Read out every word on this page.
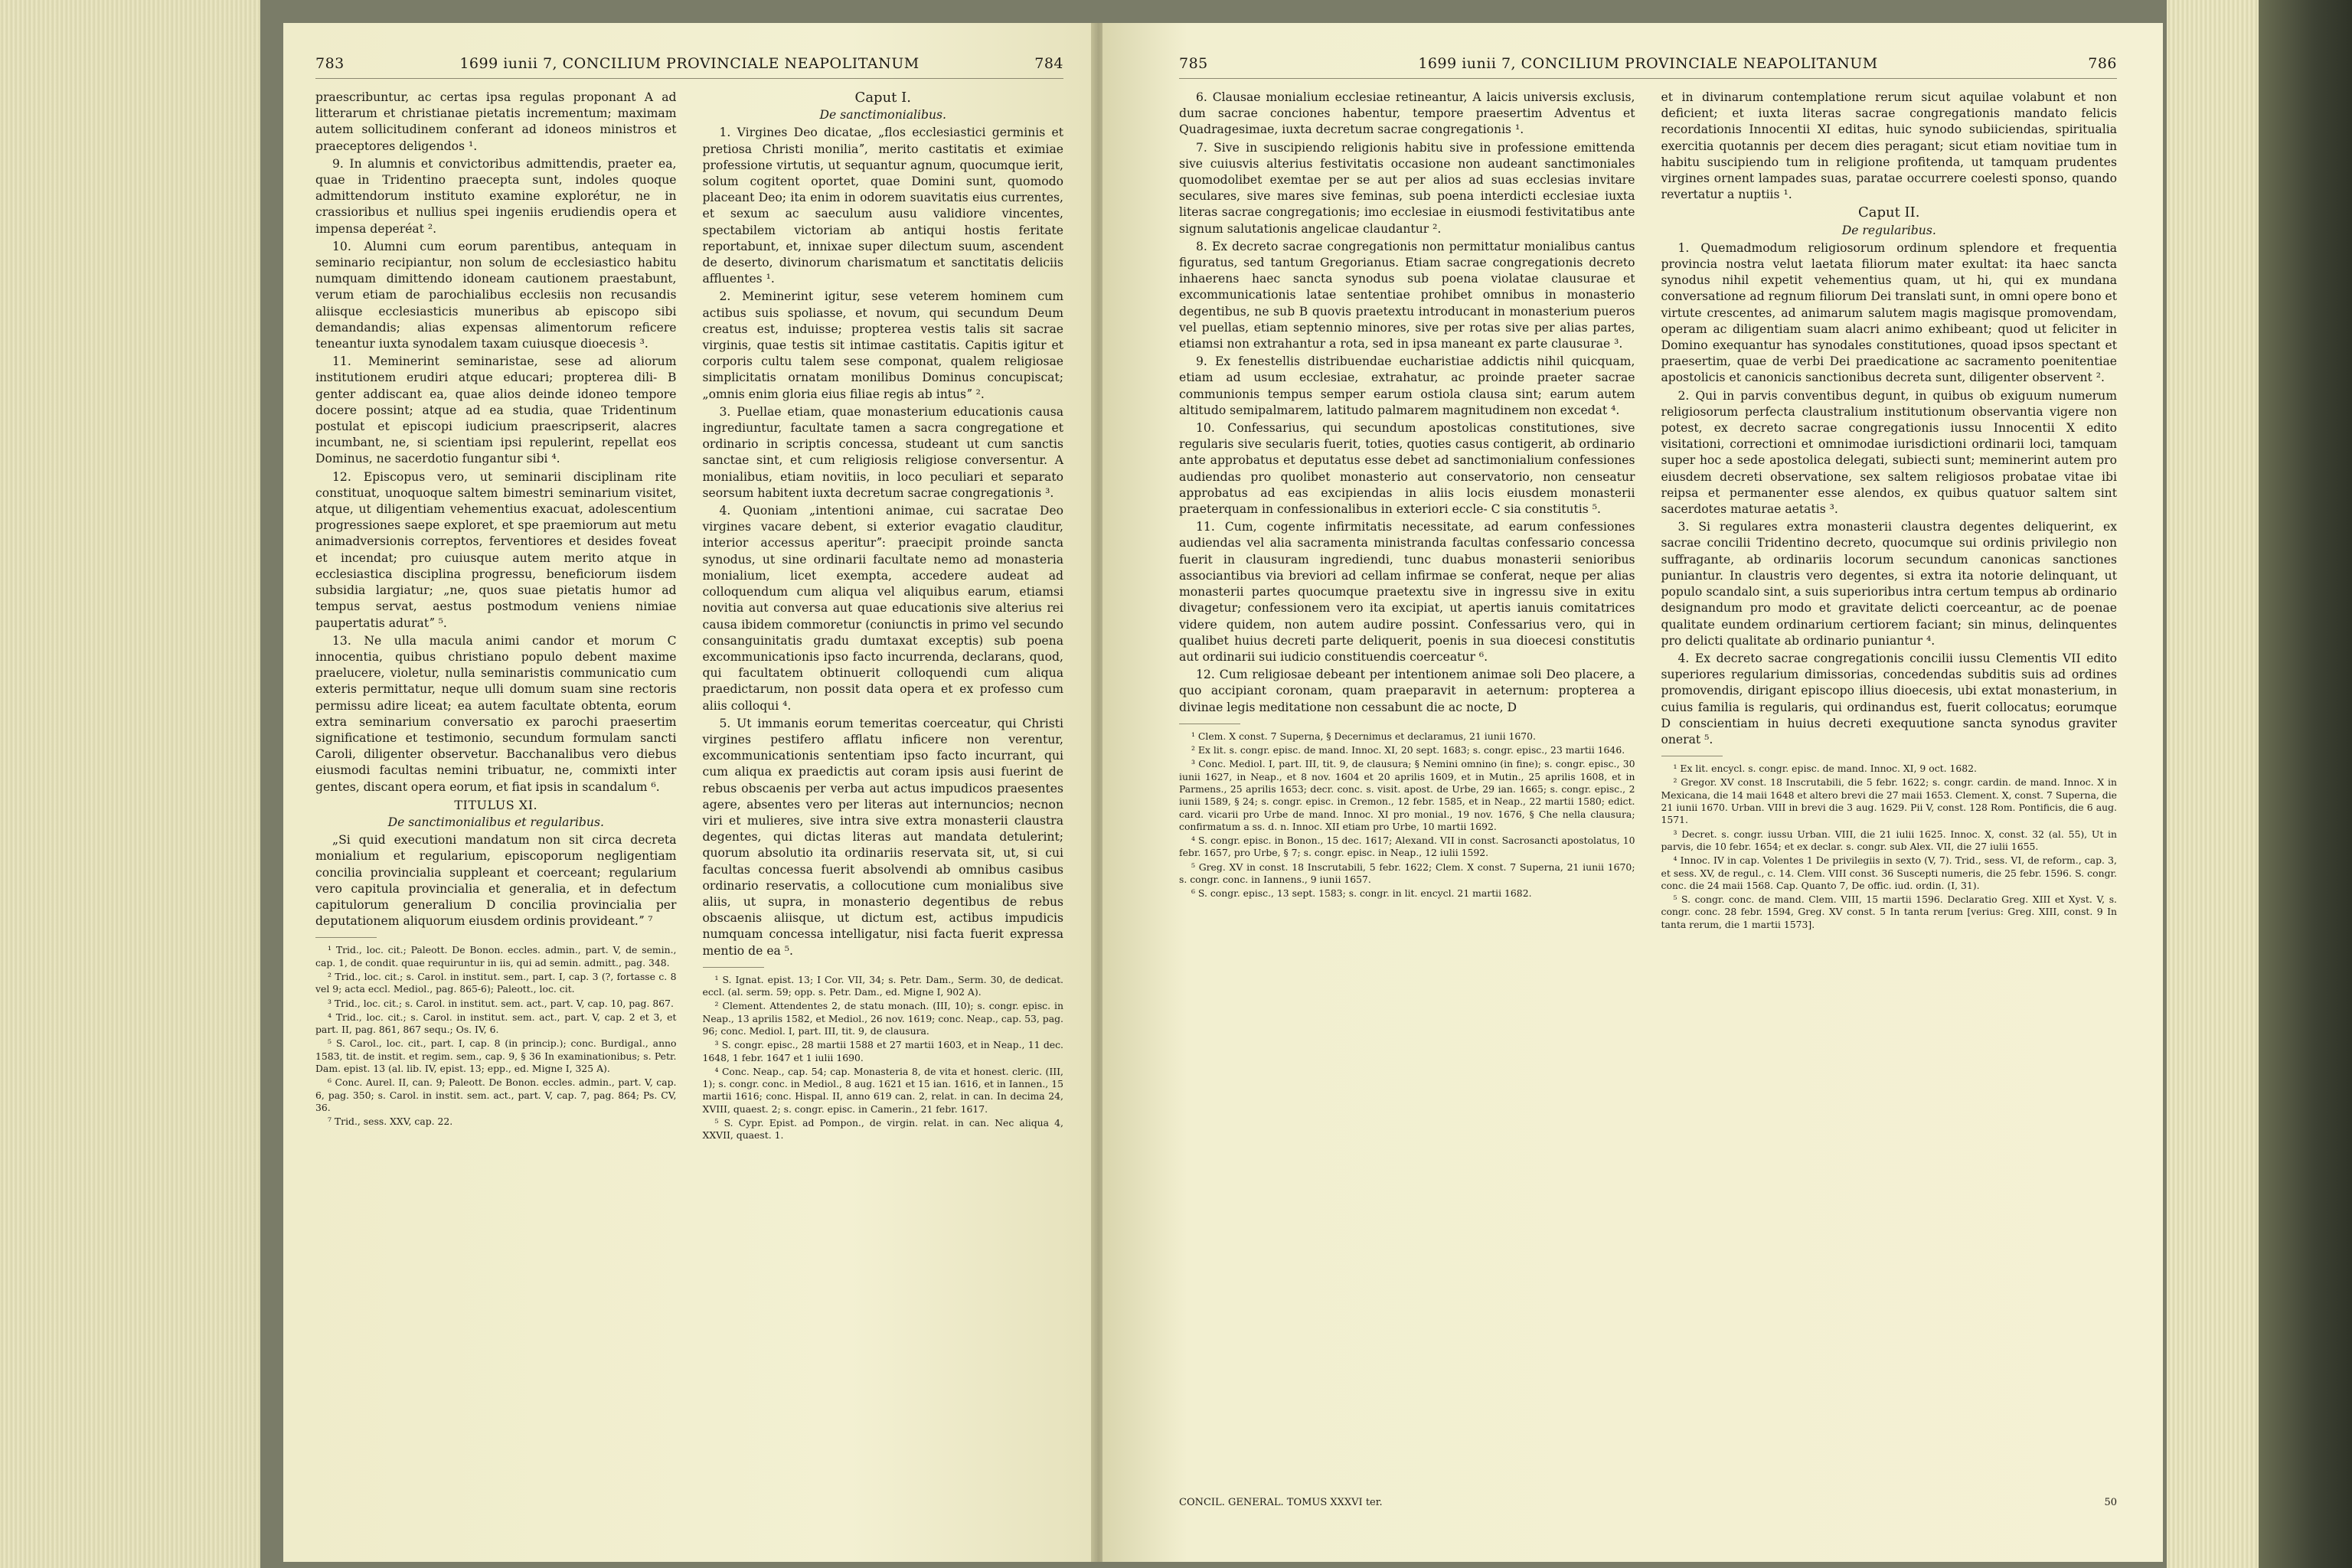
783	1699 iunii 7, CONCILIUM PROVINCIALE NEAPOLITANUM	784

praescribuntur, ac certas ipsa regulas proponant A ad litterarum et christianae pietatis incrementum; maximam autem sollicitudinem conferant ad idoneos ministros et praeceptores deligendos ¹.

9. In alumnis et convictoribus admittendis, praeter ea, quae in Tridentino praecepta sunt, indoles quoque admittendorum instituto examine explorétur, ne in crassioribus et nullius spei ingeniis erudiendis opera et impensa deperéat ².

10. Alumni cum eorum parentibus, antequam in seminario recipiantur, non solum de ecclesiastico habitu numquam dimittendo idoneam cautionem praestabunt, verum etiam de parochialibus ecclesiis non recusandis aliisque ecclesiasticis muneribus ab episcopo sibi demandandis; alias expensas alimentorum reficere teneantur iuxta synodalem taxam cuiusque dioecesis ³.

11. Meminerint seminaristae, sese ad aliorum institutionem erudiri atque educari; propterea dili- B genter addiscant ea, quae alios deinde idoneo tempore docere possint; atque ad ea studia, quae Tridentinum postulat et episcopi iudicium praescripserit, alacres incumbant, ne, si scientiam ipsi repulerint, repellat eos Dominus, ne sacerdotio fungantur sibi ⁴.

12. Episcopus vero, ut seminarii disciplinam rite constituat, unoquoque saltem bimestri seminarium visitet, atque, ut diligentiam vehementius exacuat, adolescentium progressiones saepe exploret, et spe praemiorum aut metu animadversionis correptos, ferventiores et desides foveat et incendat; pro cuiusque autem merito atque in ecclesiastica disciplina progressu, beneficiorum iisdem subsidia largiatur; „ne, quos suae pietatis humor ad tempus servat, aestus postmodum veniens nimiae paupertatis aduratˮ ⁵.

13. Ne ulla macula animi candor et morum C innocentia, quibus christiano populo debent maxime praelucere, violetur, nulla seminaristis communicatio cum exteris permittatur, neque ulli domum suam sine rectoris permissu adire liceat; ea autem facultate obtenta, eorum extra seminarium conversatio ex parochi praesertim significatione et testimonio, secundum formulam sancti Caroli, diligenter observetur. Bacchanalibus vero diebus eiusmodi facultas nemini tribuatur, ne, commixti inter gentes, discant opera eorum, et fiat ipsis in scandalum ⁶.

TITULUS XI.

De sanctimonialibus et regularibus.

„Si quid executioni mandatum non sit circa decreta monialium et regularium, episcoporum negligentiam concilia provincialia suppleant et coerceant; regularium vero capitula provincialia et generalia, et in defectum capitulorum generalium D concilia provincialia per deputationem aliquorum eiusdem ordinis provideant.ˮ ⁷

¹ Trid., loc. cit.; Paleott. De Bonon. eccles. admin., part. V, de semin., cap. 1, de condit. quae requiruntur in iis, qui ad semin. admitt., pag. 348.

² Trid., loc. cit.; s. Carol. in institut. sem., part. I, cap. 3 (?, fortasse c. 8 vel 9; acta eccl. Mediol., pag. 865-6); Paleott., loc. cit.

³ Trid., loc. cit.; s. Carol. in institut. sem. act., part. V, cap. 10, pag. 867.

⁴ Trid., loc. cit.; s. Carol. in institut. sem. act., part. V, cap. 2 et 3, et part. II, pag. 861, 867 sequ.; Os. IV, 6.

⁵ S. Carol., loc. cit., part. I, cap. 8 (in princip.); conc. Burdigal., anno 1583, tit. de instit. et regim. sem., cap. 9, § 36 In examinationibus; s. Petr. Dam. epist. 13 (al. lib. IV, epist. 13; epp., ed. Migne I, 325 A).

⁶ Conc. Aurel. II, can. 9; Paleott. De Bonon. eccles. admin., part. V, cap. 6, pag. 350; s. Carol. in instit. sem. act., part. V, cap. 7, pag. 864; Ps. CV, 36.

⁷ Trid., sess. XXV, cap. 22.

Caput I.

De sanctimonialibus.

1. Virgines Deo dicatae, „flos ecclesiastici germinis et pretiosa Christi moniliaˮ, merito castitatis et eximiae professione virtutis, ut sequantur agnum, quocumque ierit, solum cogitent oportet, quae Domini sunt, quomodo placeant Deo; ita enim in odorem suavitatis eius currentes, et sexum ac saeculum ausu validiore vincentes, spectabilem victoriam ab antiqui hostis feritate reportabunt, et, innixae super dilectum suum, ascendent de deserto, divinorum charismatum et sanctitatis deliciis affluentes ¹.

2. Meminerint igitur, sese veterem hominem cum actibus suis spoliasse, et novum, qui secundum Deum creatus est, induisse; propterea vestis talis sit sacrae virginis, quae testis sit intimae castitatis. Capitis igitur et corporis cultu talem sese componat, qualem religiosae simplicitatis ornatam monilibus Dominus concupiscat; „omnis enim gloria eius filiae regis ab intusˮ ².

3. Puellae etiam, quae monasterium educationis causa ingrediuntur, facultate tamen a sacra congregatione et ordinario in scriptis concessa, studeant ut cum sanctis sanctae sint, et cum religiosis religiose conversentur. A monialibus, etiam novitiis, in loco peculiari et separato seorsum habitent iuxta decretum sacrae congregationis ³.

4. Quoniam „intentioni animae, cui sacratae Deo virgines vacare debent, si exterior evagatio clauditur, interior accessus aperiturˮ: praecipit proinde sancta synodus, ut sine ordinarii facultate nemo ad monasteria monialium, licet exempta, accedere audeat ad colloquendum cum aliqua vel aliquibus earum, etiamsi novitia aut conversa aut quae educationis sive alterius rei causa ibidem commoretur (coniunctis in primo vel secundo consanguinitatis gradu dumtaxat exceptis) sub poena excommunicationis ipso facto incurrenda, declarans, quod, qui facultatem obtinuerit colloquendi cum aliqua praedictarum, non possit data opera et ex professo cum aliis colloqui ⁴.

5. Ut immanis eorum temeritas coerceatur, qui Christi virgines pestifero afflatu inficere non verentur, excommunicationis sententiam ipso facto incurrant, qui cum aliqua ex praedictis aut coram ipsis ausi fuerint de rebus obscaenis per verba aut actus impudicos praesentes agere, absentes vero per literas aut internuncios; necnon viri et mulieres, sive intra sive extra monasterii claustra degentes, qui dictas literas aut mandata detulerint; quorum absolutio ita ordinariis reservata sit, ut, si cui facultas concessa fuerit absolvendi ab omnibus casibus ordinario reservatis, a collocutione cum monialibus sive aliis, ut supra, in monasterio degentibus de rebus obscaenis aliisque, ut dictum est, actibus impudicis numquam concessa intelligatur, nisi facta fuerit expressa mentio de ea ⁵.

¹ S. Ignat. epist. 13; I Cor. VII, 34; s. Petr. Dam., Serm. 30, de dedicat. eccl. (al. serm. 59; opp. s. Petr. Dam., ed. Migne I, 902 A).

² Clement. Attendentes 2, de statu monach. (III, 10); s. congr. episc. in Neap., 13 aprilis 1582, et Mediol., 26 nov. 1619; conc. Neap., cap. 53, pag. 96; conc. Mediol. I, part. III, tit. 9, de clausura.

³ S. congr. episc., 28 martii 1588 et 27 martii 1603, et in Neap., 11 dec. 1648, 1 febr. 1647 et 1 iulii 1690.

⁴ Conc. Neap., cap. 54; cap. Monasteria 8, de vita et honest. cleric. (III, 1); s. congr. conc. in Mediol., 8 aug. 1621 et 15 ian. 1616, et in Iannen., 15 martii 1616; conc. Hispal. II, anno 619 can. 2, relat. in can. In decima 24, XVIII, quaest. 2; s. congr. episc. in Camerin., 21 febr. 1617.

⁵ S. Cypr. Epist. ad Pompon., de virgin. relat. in can. Nec aliqua 4, XXVII, quaest. 1.

785	1699 iunii 7, CONCILIUM PROVINCIALE NEAPOLITANUM	786

6. Clausae monialium ecclesiae retineantur, A laicis universis exclusis, dum sacrae conciones habentur, tempore praesertim Adventus et Quadragesimae, iuxta decretum sacrae congregationis ¹.

7. Sive in suscipiendo religionis habitu sive in professione emittenda sive cuiusvis alterius festivitatis occasione non audeant sanctimoniales quomodolibet exemtae per se aut per alios ad suas ecclesias invitare seculares, sive mares sive feminas, sub poena interdicti ecclesiae iuxta literas sacrae congregationis; imo ecclesiae in eiusmodi festivitatibus ante signum salutationis angelicae claudantur ².

8. Ex decreto sacrae congregationis non permittatur monialibus cantus figuratus, sed tantum Gregorianus. Etiam sacrae congregationis decreto inhaerens haec sancta synodus sub poena violatae clausurae et excommunicationis latae sententiae prohibet omnibus in monasterio degentibus, ne sub B quovis praetextu introducant in monasterium pueros vel puellas, etiam septennio minores, sive per rotas sive per alias partes, etiamsi non extrahantur a rota, sed in ipsa maneant ex parte clausurae ³.

9. Ex fenestellis distribuendae eucharistiae addictis nihil quicquam, etiam ad usum ecclesiae, extrahatur, ac proinde praeter sacrae communionis tempus semper earum ostiola clausa sint; earum autem altitudo semipalmarem, latitudo palmarem magnitudinem non excedat ⁴.

10. Confessarius, qui secundum apostolicas constitutiones, sive regularis sive secularis fuerit, toties, quoties casus contigerit, ab ordinario ante approbatus et deputatus esse debet ad sanctimonialium confessiones audiendas pro quolibet monasterio aut conservatorio, non censeatur approbatus ad eas excipiendas in aliis locis eiusdem monasterii praeterquam in confessionalibus in exteriori eccle- C sia constitutis ⁵.

11. Cum, cogente infirmitatis necessitate, ad earum confessiones audiendas vel alia sacramenta ministranda facultas confessario concessa fuerit in clausuram ingrediendi, tunc duabus monasterii senioribus associantibus via breviori ad cellam infirmae se conferat, neque per alias monasterii partes quocumque praetextu sive in ingressu sive in exitu divagetur; confessionem vero ita excipiat, ut apertis ianuis comitatrices videre quidem, non autem audire possint. Confessarius vero, qui in qualibet huius decreti parte deliquerit, poenis in sua dioecesi constitutis aut ordinarii sui iudicio constituendis coerceatur ⁶.

12. Cum religiosae debeant per intentionem animae soli Deo placere, a quo accipiant coronam, quam praeparavit in aeternum: propterea a divinae legis meditatione non cessabunt die ac nocte, D

¹ Clem. X const. 7 Superna, § Decernimus et declaramus, 21 iunii 1670.

² Ex lit. s. congr. episc. de mand. Innoc. XI, 20 sept. 1683; s. congr. episc., 23 martii 1646.

³ Conc. Mediol. I, part. III, tit. 9, de clausura; § Nemini omnino (in fine); s. congr. episc., 30 iunii 1627, in Neap., et 8 nov. 1604 et 20 aprilis 1609, et in Mutin., 25 aprilis 1608, et in Parmens., 25 aprilis 1653; decr. conc. s. visit. apost. de Urbe, 29 ian. 1665; s. congr. episc., 2 iunii 1589, § 24; s. congr. episc. in Cremon., 12 febr. 1585, et in Neap., 22 martii 1580; edict. card. vicarii pro Urbe de mand. Innoc. XI pro monial., 19 nov. 1676, § Che nella clausura; confirmatum a ss. d. n. Innoc. XII etiam pro Urbe, 10 martii 1692.

⁴ S. congr. episc. in Bonon., 15 dec. 1617; Alexand. VII in const. Sacrosancti apostolatus, 10 febr. 1657, pro Urbe, § 7; s. congr. episc. in Neap., 12 iulii 1592.

⁵ Greg. XV in const. 18 Inscrutabili, 5 febr. 1622; Clem. X const. 7 Superna, 21 iunii 1670; s. congr. conc. in Iannens., 9 iunii 1657.

⁶ S. congr. episc., 13 sept. 1583; s. congr. in lit. encycl. 21 martii 1682.

et in divinarum contemplatione rerum sicut aquilae volabunt et non deficient; et iuxta literas sacrae congregationis mandato felicis recordationis Innocentii XI editas, huic synodo subiiciendas, spiritualia exercitia quotannis per decem dies peragant; sicut etiam novitiae tum in habitu suscipiendo tum in religione profitenda, ut tamquam prudentes virgines ornent lampades suas, paratae occurrere coelesti sponso, quando revertatur a nuptiis ¹.

Caput II.

De regularibus.

1. Quemadmodum religiosorum ordinum splendore et frequentia provincia nostra velut laetata filiorum mater exultat: ita haec sancta synodus nihil expetit vehementius quam, ut hi, qui ex mundana conversatione ad regnum filiorum Dei translati sunt, in omni opere bono et virtute crescentes, ad animarum salutem magis magisque promovendam, operam ac diligentiam suam alacri animo exhibeant; quod ut feliciter in Domino exequantur has synodales constitutiones, quoad ipsos spectant et praesertim, quae de verbi Dei praedicatione ac sacramento poenitentiae apostolicis et canonicis sanctionibus decreta sunt, diligenter observent ².

2. Qui in parvis conventibus degunt, in quibus ob exiguum numerum religiosorum perfecta claustralium institutionum observantia vigere non potest, ex decreto sacrae congregationis iussu Innocentii X edito visitationi, correctioni et omnimodae iurisdictioni ordinarii loci, tamquam super hoc a sede apostolica delegati, subiecti sunt; meminerint autem pro eiusdem decreti observatione, sex saltem religiosos probatae vitae ibi reipsa et permanenter esse alendos, ex quibus quatuor saltem sint sacerdotes maturae aetatis ³.

3. Si regulares extra monasterii claustra degentes deliquerint, ex sacrae concilii Tridentino decreto, quocumque sui ordinis privilegio non suffragante, ab ordinariis locorum secundum canonicas sanctiones puniantur. In claustris vero degentes, si extra ita notorie delinquant, ut populo scandalo sint, a suis superioribus intra certum tempus ab ordinario designandum pro modo et gravitate delicti coerceantur, ac de poenae qualitate eundem ordinarium certiorem faciant; sin minus, delinquentes pro delicti qualitate ab ordinario puniantur ⁴.

4. Ex decreto sacrae congregationis concilii iussu Clementis VII edito superiores regularium dimissorias, concedendas subditis suis ad ordines promovendis, dirigant episcopo illius dioecesis, ubi extat monasterium, in cuius familia is regularis, qui ordinandus est, fuerit collocatus; eorumque D conscientiam in huius decreti exequutione sancta synodus graviter onerat ⁵.

¹ Ex lit. encycl. s. congr. episc. de mand. Innoc. XI, 9 oct. 1682.

² Gregor. XV const. 18 Inscrutabili, die 5 febr. 1622; s. congr. cardin. de mand. Innoc. X in Mexicana, die 14 maii 1648 et altero brevi die 27 maii 1653. Clement. X, const. 7 Superna, die 21 iunii 1670. Urban. VIII in brevi die 3 aug. 1629. Pii V, const. 128 Rom. Pontificis, die 6 aug. 1571.

³ Decret. s. congr. iussu Urban. VIII, die 21 iulii 1625. Innoc. X, const. 32 (al. 55), Ut in parvis, die 10 febr. 1654; et ex declar. s. congr. sub Alex. VII, die 27 iulii 1655.

⁴ Innoc. IV in cap. Volentes 1 De privilegiis in sexto (V, 7). Trid., sess. VI, de reform., cap. 3, et sess. XV, de regul., c. 14. Clem. VIII const. 36 Suscepti numeris, die 25 febr. 1596. S. congr. conc. die 24 maii 1568. Cap. Quanto 7, De offic. iud. ordin. (I, 31).

⁵ S. congr. conc. de mand. Clem. VIII, 15 martii 1596. Declaratio Greg. XIII et Xyst. V, s. congr. conc. 28 febr. 1594, Greg. XV const. 5 In tanta rerum [verius: Greg. XIII, const. 9 In tanta rerum, die 1 martii 1573].

CONCIL. GENERAL. TOMUS XXXVI ter.	50
